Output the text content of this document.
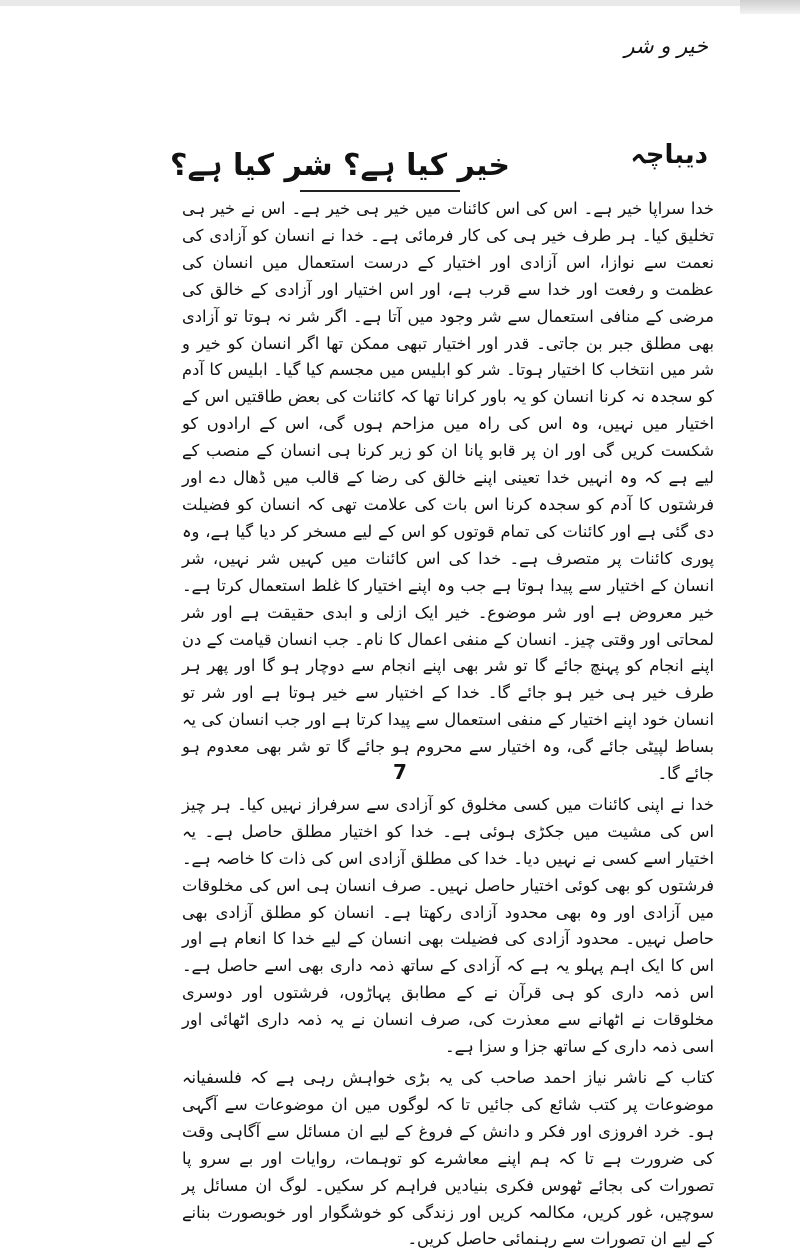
خیر و شر
دیباچہ
خیر کیا ہے؟ شر کیا ہے؟

خدا سراپا خیر ہے۔ اس کی اس کائنات میں خیر ہی خیر ہے۔ اس نے خیر ہی تخلیق کیا۔ ہر طرف خیر ہی کی کار فرمائی ہے۔ خدا نے انسان کو آزادی کی نعمت سے نوازا، اس آزادی اور اختیار کے درست استعمال میں انسان کی عظمت و رفعت اور خدا سے قرب ہے، اور اس اختیار اور آزادی کے خالق کی مرضی کے منافی استعمال سے شر وجود میں آتا ہے۔ اگر شر نہ ہوتا تو آزادی بھی مطلق جبر بن جاتی۔ قدر اور اختیار تبھی ممکن تھا اگر انسان کو خیر و شر میں انتخاب کا اختیار ہوتا۔ شر کو ابلیس میں مجسم کیا گیا۔ ابلیس کا آدم کو سجدہ نہ کرنا انسان کو یہ باور کرانا تھا کہ کائنات کی بعض طاقتیں اس کے اختیار میں نہیں، وہ اس کی راہ میں مزاحم ہوں گی، اس کے ارادوں کو شکست کریں گی اور ان پر قابو پانا ان کو زیر کرنا ہی انسان کے منصب کے لیے ہے کہ وہ انہیں خدا تعینی اپنے خالق کی رضا کے قالب میں ڈھال دے اور فرشتوں کا آدم کو سجدہ کرنا اس بات کی علامت تھی کہ انسان کو فضیلت دی گئی ہے اور کائنات کی تمام قوتوں کو اس کے لیے مسخر کر دیا گیا ہے، وہ پوری کائنات پر متصرف ہے۔ خدا کی اس کائنات میں کہیں شر نہیں، شر انسان کے اختیار سے پیدا ہوتا ہے جب وہ اپنے اختیار کا غلط استعمال کرتا ہے۔ خیر معروض ہے اور شر موضوع۔ خیر ایک ازلی و ابدی حقیقت ہے اور شر لمحاتی اور وقتی چیز۔ انسان کے منفی اعمال کا نام۔ جب انسان قیامت کے دن اپنے انجام کو پہنچ جائے گا تو شر بھی اپنے انجام سے دوچار ہو گا اور پھر ہر طرف خیر ہی خیر ہو جائے گا۔ خدا کے اختیار سے خیر ہوتا ہے اور شر تو انسان خود اپنے اختیار کے منفی استعمال سے پیدا کرتا ہے اور جب انسان کی یہ بساط لپیٹی جائے گی، وہ اختیار سے محروم ہو جائے گا تو شر بھی معدوم ہو جائے گا۔

خدا نے اپنی کائنات میں کسی مخلوق کو آزادی سے سرفراز نہیں کیا۔ ہر چیز اس کی مشیت میں جکڑی ہوئی ہے۔ خدا کو اختیار مطلق حاصل ہے۔ یہ اختیار اسے کسی نے نہیں دیا۔ خدا کی مطلق آزادی اس کی ذات کا خاصہ ہے۔ فرشتوں کو بھی کوئی اختیار حاصل نہیں۔ صرف انسان ہی اس کی مخلوقات میں آزادی اور وہ بھی محدود آزادی رکھتا ہے۔ انسان کو مطلق آزادی بھی حاصل نہیں۔ محدود آزادی کی فضیلت بھی انسان کے لیے خدا کا انعام ہے اور اس کا ایک اہم پہلو یہ ہے کہ آزادی کے ساتھ ذمہ داری بھی اسے حاصل ہے۔ اس ذمہ داری کو ہی قرآن نے کے مطابق پہاڑوں، فرشتوں اور دوسری مخلوقات نے اٹھانے سے معذرت کی، صرف انسان نے یہ ذمہ داری اٹھائی اور اسی ذمہ داری کے ساتھ جزا و سزا ہے۔

کتاب کے ناشر نیاز احمد صاحب کی یہ بڑی خواہش رہی ہے کہ فلسفیانہ موضوعات پر کتب شائع کی جائیں تا کہ لوگوں میں ان موضوعات سے آگہی ہو۔ خرد افروزی اور فکر و دانش کے فروغ کے لیے ان مسائل سے آگاہی وقت کی ضرورت ہے تا کہ ہم اپنے معاشرے کو توہمات، روایات اور بے سرو پا تصورات کی بجائے ٹھوس فکری بنیادیں فراہم کر سکیں۔ لوگ ان مسائل پر سوچیں، غور کریں، مکالمہ کریں اور زندگی کو خوشگوار اور خوبصورت بنانے کے لیے ان تصورات سے رہنمائی حاصل کریں۔

7
